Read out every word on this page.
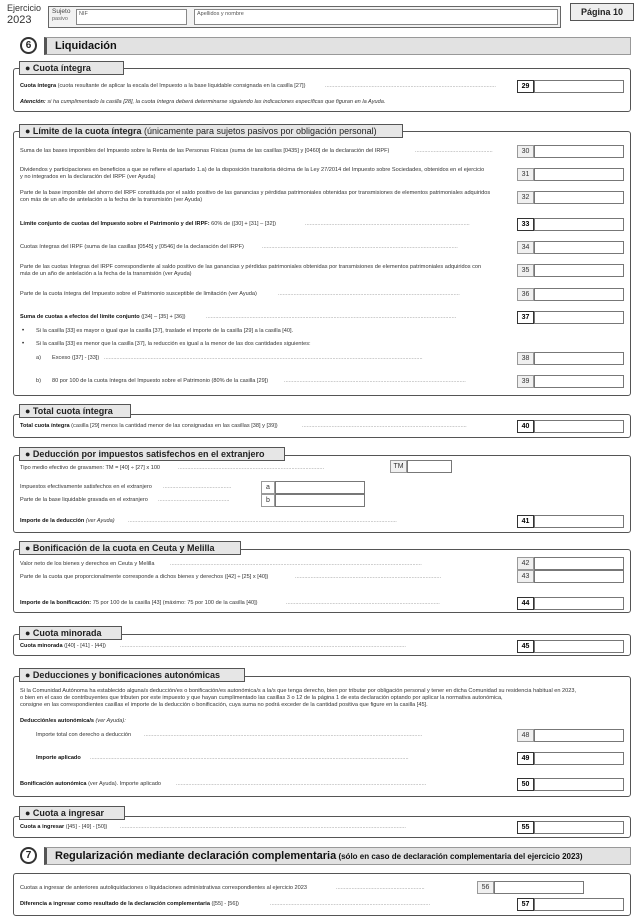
Ejercicio
2023
Sujeto
pasivo
NIF	Apellidos y nombre	Página 10
6	Liquidación
● Cuota íntegra
Cuota íntegra (cuota resultante de aplicar la escala del Impuesto a la base liquidable consignada en la casilla [27])	..............................................................................................................	29
Atención: si ha cumplimentado la casilla [28], la cuota íntegra deberá determinarse siguiendo las indicaciones específicas que figuran en la Ayuda.
● Límite de la cuota íntegra (únicamente para sujetos pasivos por obligación personal)
Suma de las bases imponibles del Impuesto sobre la Renta de las Personas Físicas (suma de las casillas [0435] y [0460] de la declaración del IRPF)	..................................................	30
Dividendos y participaciones en beneficios a que se refiere el apartado 1.a) de la disposición transitoria décima de la Ley 27/2014 del Impuesto sobre Sociedades, obtenidos en el ejercicio
y no integrados en la declaración del IRPF (ver Ayuda)	31
Parte de la base imponible del ahorro del IRPF constituida por el saldo positivo de las ganancias y pérdidas patrimoniales obtenidas por transmisiones de elementos patrimoniales adquiridos
con más de un año de antelación a la fecha de la transmisión (ver Ayuda)	32
Límite conjunto de cuotas del Impuesto sobre el Patrimonio y del IRPF: 60% de ([30] + [31] – [32])	..........................................................................................................	33
Cuotas íntegras del IRPF (suma de las casillas [0545] y [0546] de la declaración del IRPF)	..............................................................................................................................	34
Parte de las cuotas íntegras del IRPF correspondiente al saldo positivo de las ganancias y pérdidas patrimoniales obtenidas por transmisiones de elementos patrimoniales adquiridos con
más de un año de antelación a la fecha de la transmisión (ver Ayuda)	35
Parte de la cuota íntegra del Impuesto sobre el Patrimonio susceptible de limitación (ver Ayuda)	.....................................................................................................................	36
Suma de cuotas a efectos del límite conjunto ([34] – [35] + [36])	.................................................................................................................................................................	37
• Si la casilla [33] es mayor o igual que la casilla [37], traslade el importe de la casilla [29] a la casilla [40].
• Si la casilla [33] es menor que la casilla [37], la reducción es igual a la menor de las dos cantidades siguientes:
a) Exceso ([37] - [33]) .............................................................................................................................................................................................................	38
b) 80 por 100 de la cuota íntegra del Impuesto sobre el Patrimonio (80% de la casilla [29])	.....................................................................................................................	39
● Total cuota íntegra
Total cuota íntegra (casilla [29] menos la cantidad menor de las consignadas en las casillas [38] y [39])	..........................................................................................................	40
● Deducción por impuestos satisfechos en el extranjero
Tipo medio efectivo de gravamen: TM = [40] ÷ [27] x 100	..............................................................................................	TM
Impuestos efectivamente satisfechos en el extranjero ............................................	a
Parte de la base liquidable gravada en el extranjero ..............................................	b
Importe de la deducción (ver Ayuda) .............................................................................................................................................................................	41
● Bonificación de la cuota en Ceuta y Melilla
Valor neto de los bienes y derechos en Ceuta y Melilla	..................................................................................................................................................................	42
Parte de la cuota que proporcionalmente corresponde a dichos bienes y derechos ([42] ÷ [25] x [40])	..............................................................................................	43
Importe de la bonificación: 75 por 100 de la casilla [43] (máximo: 75 por 100 de la casilla [40])	...................................................................................................	44
● Cuota minorada
Cuota minorada ([40] - [41] - [44])	........................................................................................................................................................................................	45
● Deducciones y bonificaciones autonómicas
Si la Comunidad Autónoma ha establecido alguna/s deducción/es o bonificación/es autonómica/s a la/s que tenga derecho, bien por tributar por obligación personal y tener en dicha Comunidad su residencia habitual en 2023,
o bien en el caso de contribuyentes que tributen por este impuesto y que hayan cumplimentado las casillas 3 o 12 de la página 1 de esta declaración optando por aplicar la normativa autonómica,
consigne en las correspondientes casillas el importe de la deducción o bonificación, cuya suma no podrá exceder de la cantidad positiva que figure en la casilla [45].
Deducción/es autonómica/s (ver Ayuda):
Importe total con derecho a deducción ...................................................................................................................................................................................	48
Importe aplicado .............................................................................................................................................................................................................	49
Bonificación autonómica (ver Ayuda). Importe aplicado	.................................................................................................................................................................	50
● Cuota a ingresar
Cuota a ingresar ([45] - [49] - [50]) ........................................................................................................................................................................................	55
7	Regularización mediante declaración complementaria (sólo en caso de declaración complementaria del ejercicio 2023)
Cuotas a ingresar de anteriores autoliquidaciones o liquidaciones administrativas correspondientes al ejercicio 2023	.........................................................	56
Diferencia a ingresar como resultado de la declaración complementaria ([55] - [56])	.......................................................................................................	57
